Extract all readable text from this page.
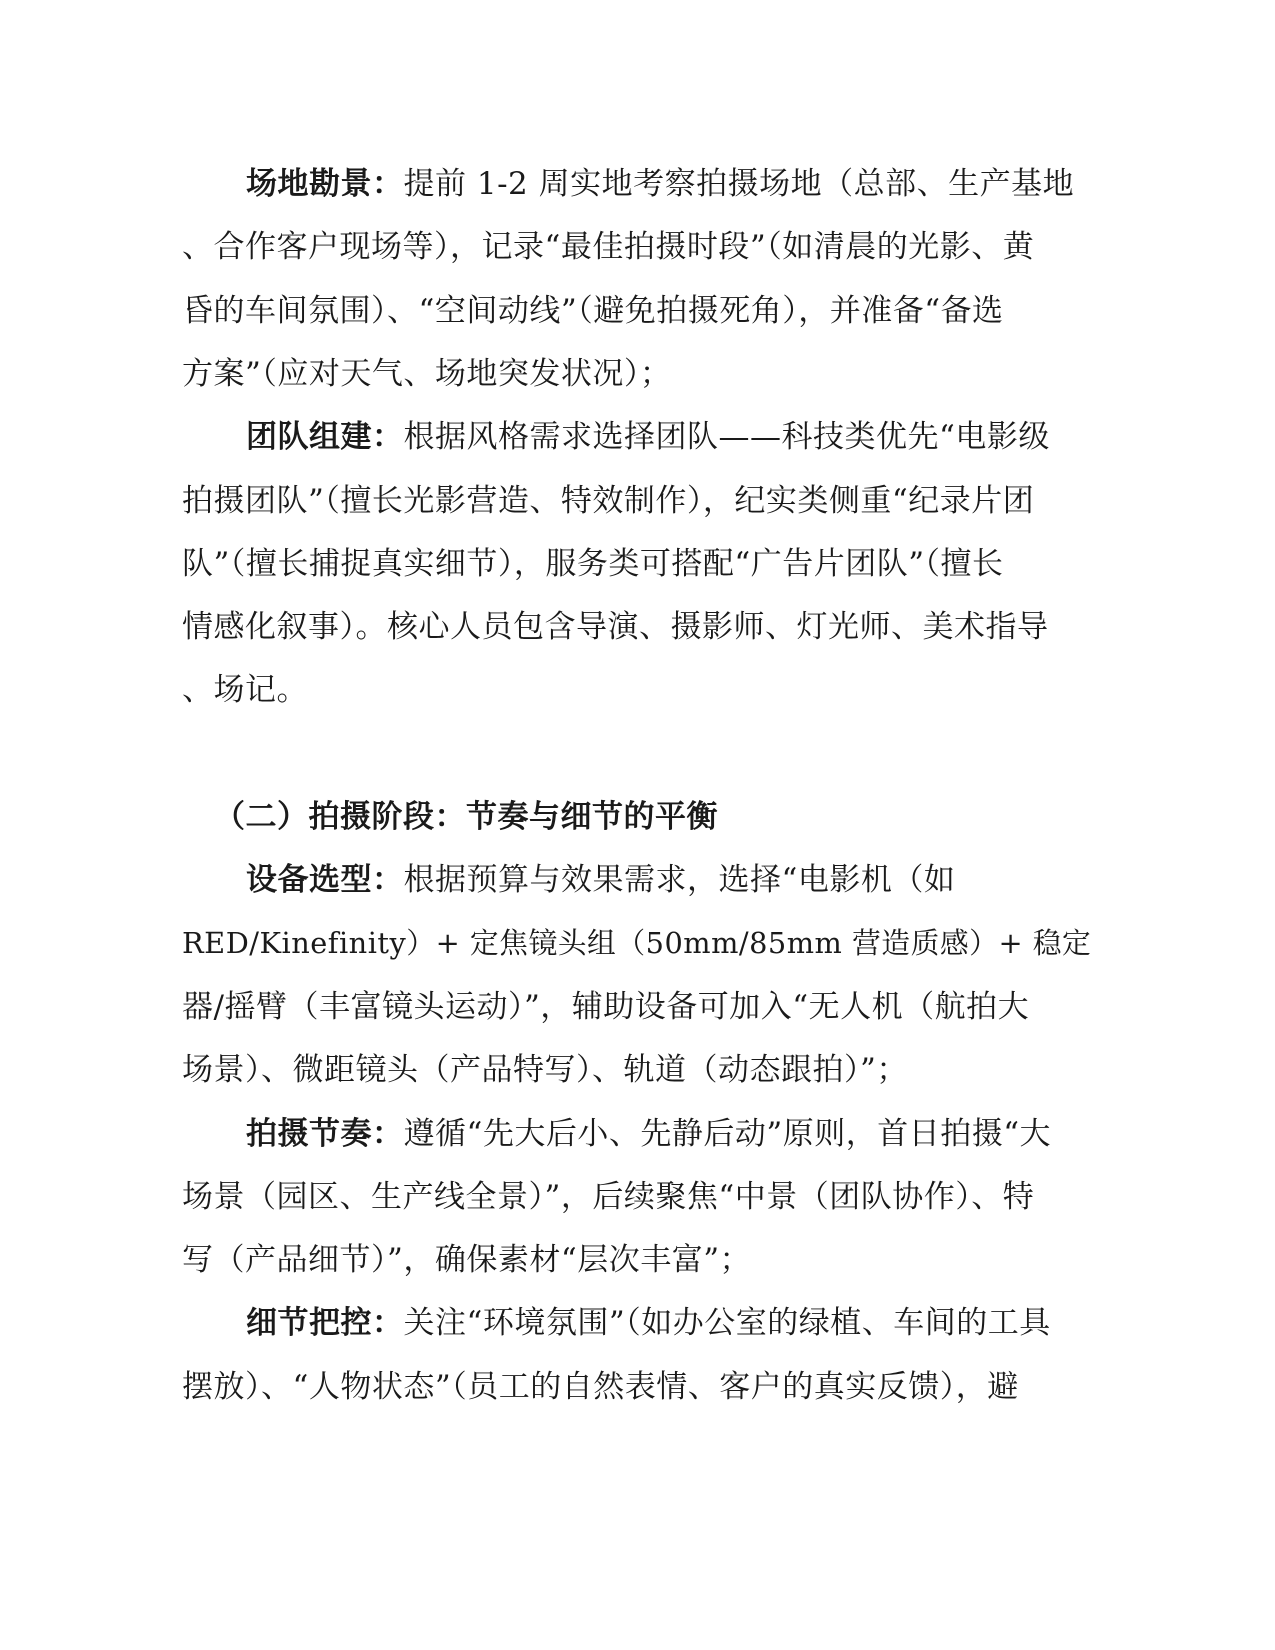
场地勘景：提前 1-2 周实地考察拍摄场地（总部、生产基地
、合作客户现场等），记录“最佳拍摄时段”（如清晨的光影、黄
昏的车间氛围）、“空间动线”（避免拍摄死角），并准备“备选
方案”（应对天气、场地突发状况）；
团队组建：根据风格需求选择团队——科技类优先“电影级
拍摄团队”（擅长光影营造、特效制作），纪实类侧重“纪录片团
队”（擅长捕捉真实细节），服务类可搭配“广告片团队”（擅长
情感化叙事）。核心人员包含导演、摄影师、灯光师、美术指导
、场记。
（二）拍摄阶段：节奏与细节的平衡
设备选型：根据预算与效果需求，选择“电影机（如
RED/Kinefinity）+ 定焦镜头组（50mm/85mm 营造质感）+ 稳定
器/摇臂（丰富镜头运动）”，辅助设备可加入“无人机（航拍大
场景）、微距镜头（产品特写）、轨道（动态跟拍）”；
拍摄节奏：遵循“先大后小、先静后动”原则，首日拍摄“大
场景（园区、生产线全景）”，后续聚焦“中景（团队协作）、特
写（产品细节）”，确保素材“层次丰富”；
细节把控：关注“环境氛围”（如办公室的绿植、车间的工具
摆放）、“人物状态”（员工的自然表情、客户的真实反馈），避
